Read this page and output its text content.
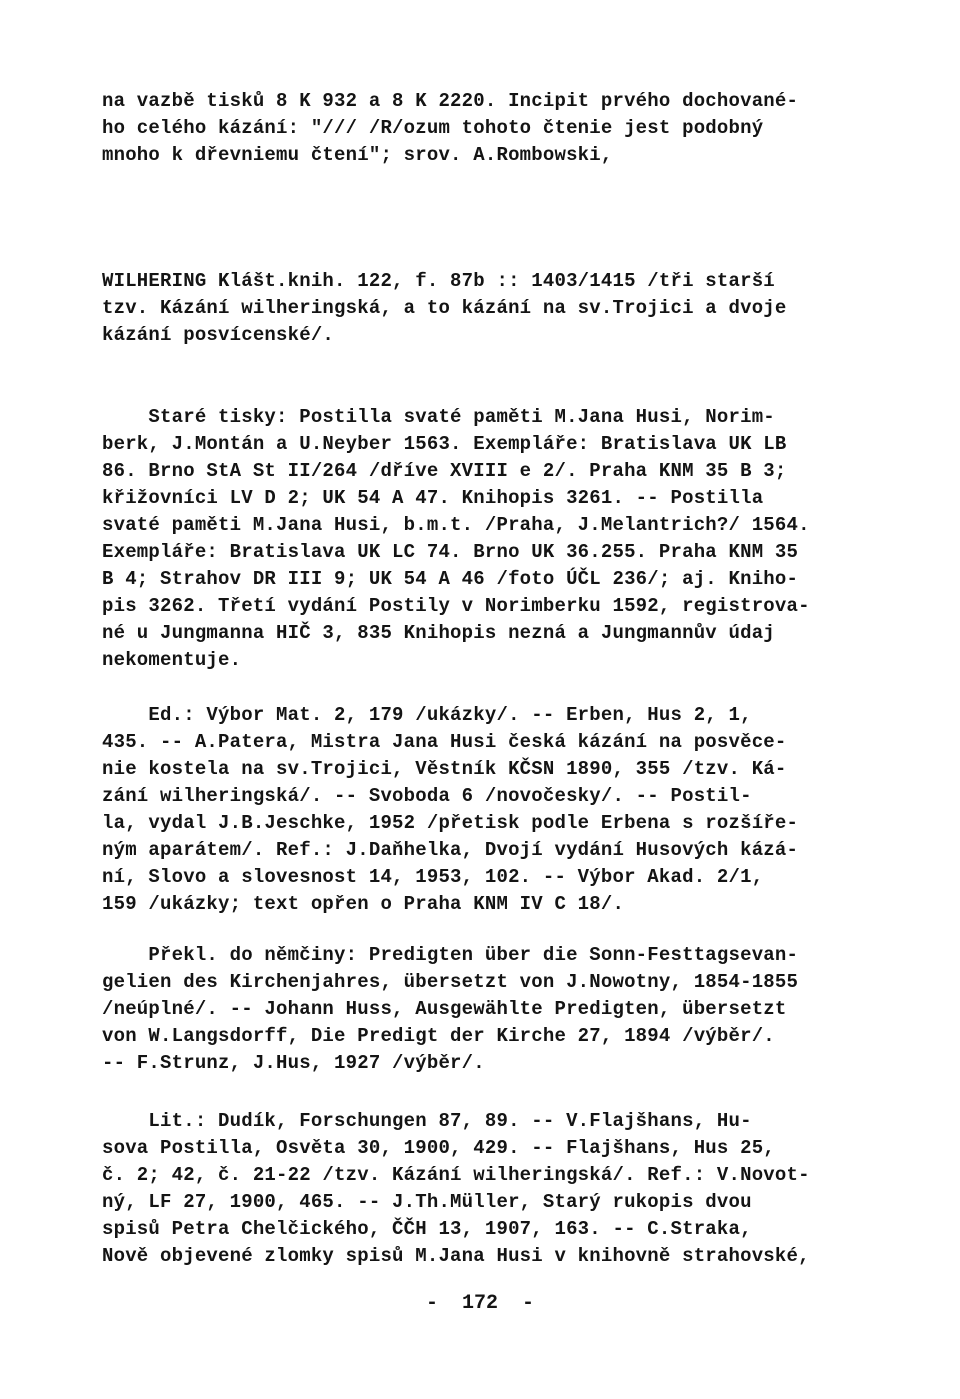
na vazbě tisků 8 K 932 a 8 K 2220. Incipit prvého dochované-
ho celého kázání: "/// /R/ozum tohoto čtenie jest podobný
mnoho k dřevniemu čtení"; srov. A.Rombowski,
WILHERING Klášt.knih. 122, f. 87b :: 1403/1415 /tři starší
tzv. Kázání wilheringská, a to kázání na sv.Trojici a dvoje
kázání posvícenské/.
Staré tisky: Postilla svaté paměti M.Jana Husi, Norim-
berk, J.Montán a U.Neyber 1563. Exempláře: Bratislava UK LB
86. Brno StA St II/264 /dříve XVIII e 2/. Praha KNM 35 B 3;
křižovníci LV D 2; UK 54 A 47. Knihopis 3261. -- Postilla
svaté paměti M.Jana Husi, b.m.t. /Praha, J.Melantrich?/ 1564.
Exempláře: Bratislava UK LC 74. Brno UK 36.255. Praha KNM 35
B 4; Strahov DR III 9; UK 54 A 46 /foto ÚČL 236/; aj. Kniho-
pis 3262. Třetí vydání Postily v Norimberku 1592, registrova-
né u Jungmanna HIČ 3, 835 Knihopis nezná a Jungmannův údaj
nekomentuje.
Ed.: Výbor Mat. 2, 179 /ukázky/. -- Erben, Hus 2, 1,
435. -- A.Patera, Mistra Jana Husi česká kázání na posvěce-
nie kostela na sv.Trojici, Věstník KČSN 1890, 355 /tzv. Ká-
zání wilheringská/. -- Svoboda 6 /novočesky/. -- Postil-
la, vydal J.B.Jeschke, 1952 /přetisk podle Erbena s rozšíře-
ným aparátem/. Ref.: J.Daňhelka, Dvojí vydání Husových kázá-
ní, Slovo a slovesnost 14, 1953, 102. -- Výbor Akad. 2/1,
159 /ukázky; text opřen o Praha KNM IV C 18/.
Překl. do němčiny: Predigten über die Sonn-Festtagsevan-
gelien des Kirchenjahres, übersetzt von J.Nowotny, 1854-1855
/neúplné/. -- Johann Huss, Ausgewählte Predigten, übersetzt
von W.Langsdorff, Die Predigt der Kirche 27, 1894 /výběr/.
-- F.Strunz, J.Hus, 1927 /výběr/.
Lit.: Dudík, Forschungen 87, 89. -- V.Flajšhans, Hu-
sova Postilla, Osvěta 30, 1900, 429. -- Flajšhans, Hus 25,
č. 2; 42, č. 21-22 /tzv. Kázání wilheringská/. Ref.: V.Novot-
ný, LF 27, 1900, 465. -- J.Th.Müller, Starý rukopis dvou
spisů Petra Chelčického, ČČH 13, 1907, 163. -- C.Straka,
Nově objevené zlomky spisů M.Jana Husi v knihovně strahovské,
-  172  -
